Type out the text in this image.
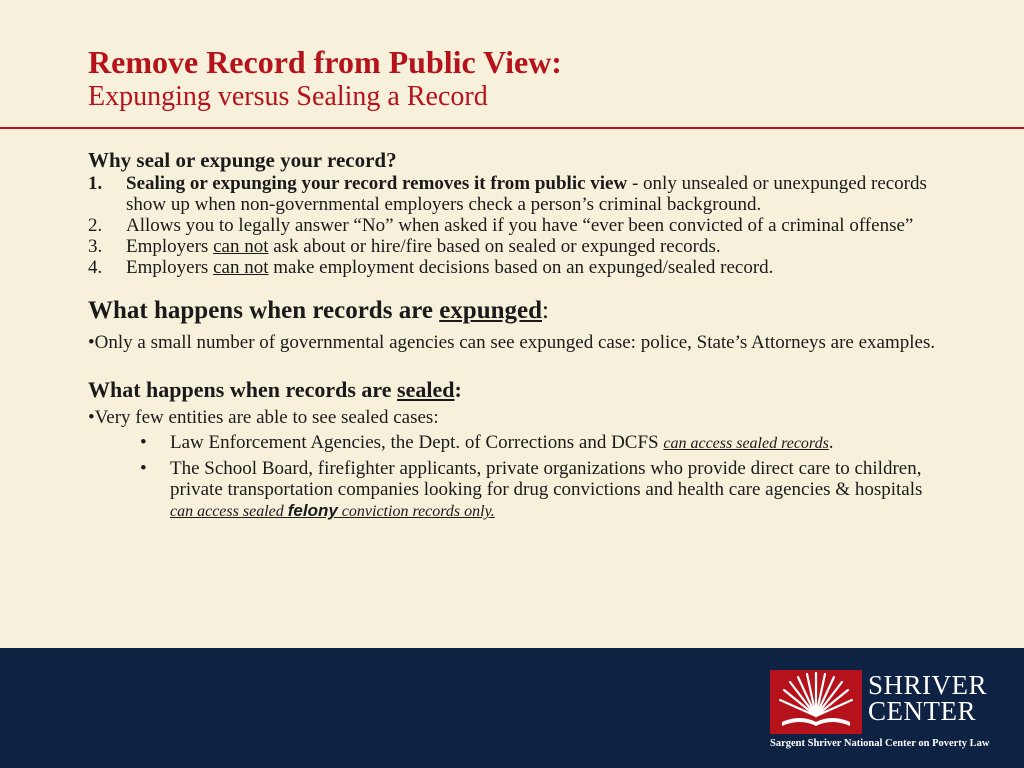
Remove Record from Public View:
Expunging versus Sealing a Record
Why seal or expunge your record?
1. Sealing or expunging your record removes it from public view - only unsealed or unexpunged records show up when non-governmental employers check a person’s criminal background.
2. Allows you to legally answer “No” when asked if you have “ever been convicted of a criminal offense”
3. Employers can not ask about or hire/fire based on sealed or expunged records.
4. Employers can not make employment decisions based on an expunged/sealed record.
What happens when records are expunged:

•Only a small number of governmental agencies can see expunged case: police, State’s Attorneys are examples.

What happens when records are sealed:

•Very few entities are able to see sealed cases:

• Law Enforcement Agencies, the Dept. of Corrections and DCFS can access sealed records.
• The School Board, firefighter applicants, private organizations who provide direct care to children, private transportation companies looking for drug convictions and health care agencies & hospitals can access sealed felony conviction records only.
SHRIVER
CENTER
Sargent Shriver National Center on Poverty Law
